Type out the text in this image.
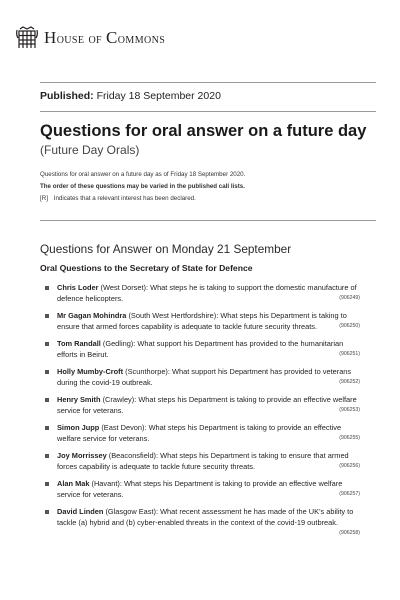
House of Commons
Published: Friday 18 September 2020
Questions for oral answer on a future day
(Future Day Orals)
Questions for oral answer on a future day as of Friday 18 September 2020.
The order of these questions may be varied in the published call lists.
[R] Indicates that a relevant interest has been declared.
Questions for Answer on Monday 21 September
Oral Questions to the Secretary of State for Defence
Chris Loder (West Dorset): What steps he is taking to support the domestic manufacture of defence helicopters.	(906249)
Mr Gagan Mohindra (South West Hertfordshire): What steps his Department is taking to ensure that armed forces capability is adequate to tackle future security threats.	(906250)
Tom Randall (Gedling): What support his Department has provided to the humanitarian efforts in Beirut.	(906251)
Holly Mumby-Croft (Scunthorpe): What support his Department has provided to veterans during the covid-19 outbreak.	(906252)
Henry Smith (Crawley): What steps his Department is taking to provide an effective welfare service for veterans.	(906253)
Simon Jupp (East Devon): What steps his Department is taking to provide an effective welfare service for veterans.	(906255)
Joy Morrissey (Beaconsfield): What steps his Department is taking to ensure that armed forces capability is adequate to tackle future security threats.	(906256)
Alan Mak (Havant): What steps his Department is taking to provide an effective welfare service for veterans.	(906257)
David Linden (Glasgow East): What recent assessment he has made of the UK's ability to tackle (a) hybrid and (b) cyber-enabled threats in the context of the covid-19 outbreak.
(906258)
